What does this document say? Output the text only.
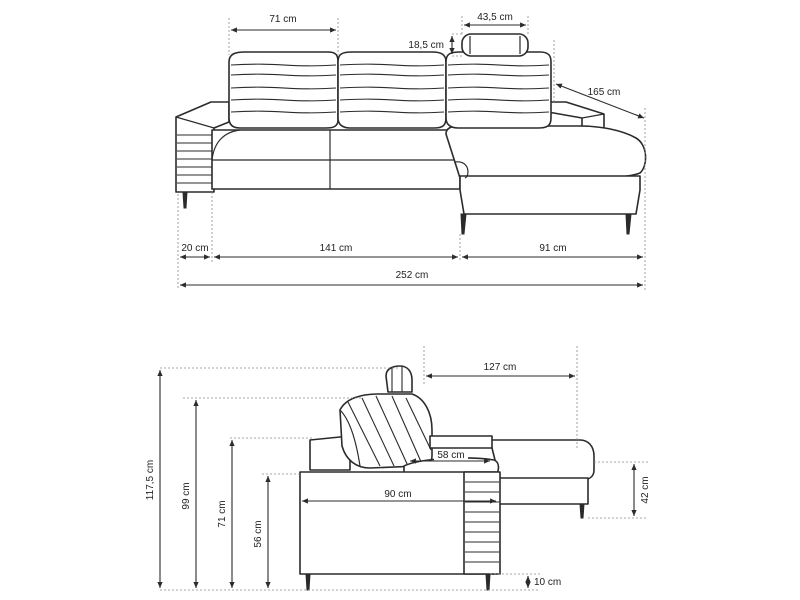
71 cm	43,5 cm
18,5 cm
165 cm
20 cm	141 cm	91 cm
252 cm
117,5 cm	99 cm
71 cm
56 cm
127 cm
58 cm
90 cm	42 cm
10 cm
